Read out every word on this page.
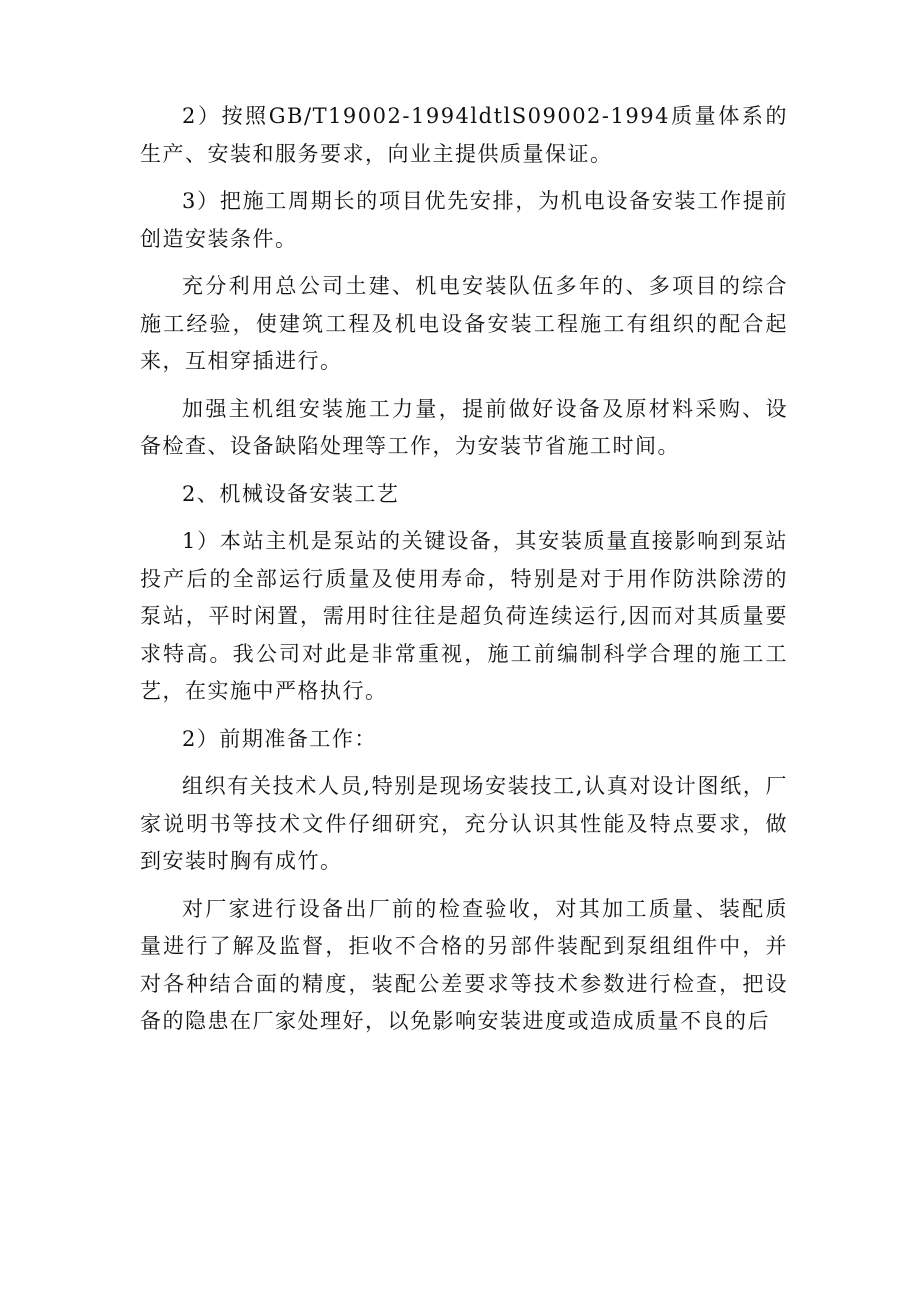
2）按照GB/T19002-1994ldtlS09002-1994质量体系的生产、安装和服务要求，向业主提供质量保证。

3）把施工周期长的项目优先安排，为机电设备安装工作提前创造安装条件。

充分利用总公司土建、机电安装队伍多年的、多项目的综合施工经验，使建筑工程及机电设备安装工程施工有组织的配合起来，互相穿插进行。

加强主机组安装施工力量，提前做好设备及原材料采购、设备检查、设备缺陷处理等工作，为安装节省施工时间。

2、机械设备安装工艺

1）本站主机是泵站的关键设备，其安装质量直接影响到泵站投产后的全部运行质量及使用寿命，特别是对于用作防洪除涝的泵站，平时闲置，需用时往往是超负荷连续运行,因而对其质量要求特高。我公司对此是非常重视，施工前编制科学合理的施工工艺，在实施中严格执行。

2）前期准备工作：

组织有关技术人员,特别是现场安装技工,认真对设计图纸，厂家说明书等技术文件仔细研究，充分认识其性能及特点要求，做到安装时胸有成竹。

对厂家进行设备出厂前的检查验收，对其加工质量、装配质量进行了解及监督，拒收不合格的另部件装配到泵组组件中，并对各种结合面的精度，装配公差要求等技术参数进行检查，把设备的隐患在厂家处理好，以免影响安装进度或造成质量不良的后
